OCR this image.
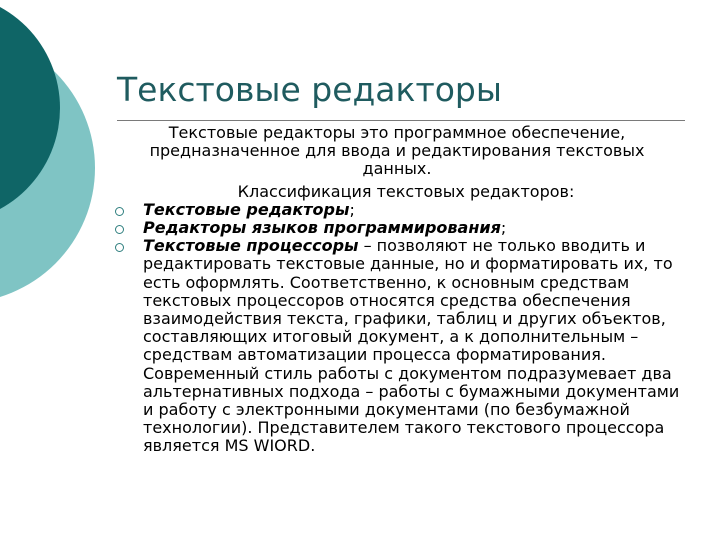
Текстовые редакторы

Текстовые редакторы это программное обеспечение, предназначенное для ввода и редактирования текстовых данных.

Классификация текстовых редакторов:

Текстовые редакторы;
Редакторы языков программирования;
Текстовые процессоры – позволяют не только вводить и редактировать текстовые данные, но и форматировать их, то есть оформлять. Соответственно, к основным средствам текстовых процессоров относятся средства обеспечения взаимодействия текста, графики, таблиц и других объектов, составляющих итоговый документ, а к дополнительным – средствам автоматизации процесса форматирования. Современный стиль работы с документом подразумевает два альтернативных подхода – работы с бумажными документами и работу с электронными документами (по безбумажной технологии). Представителем такого текстового процессора является MS WIORD.
